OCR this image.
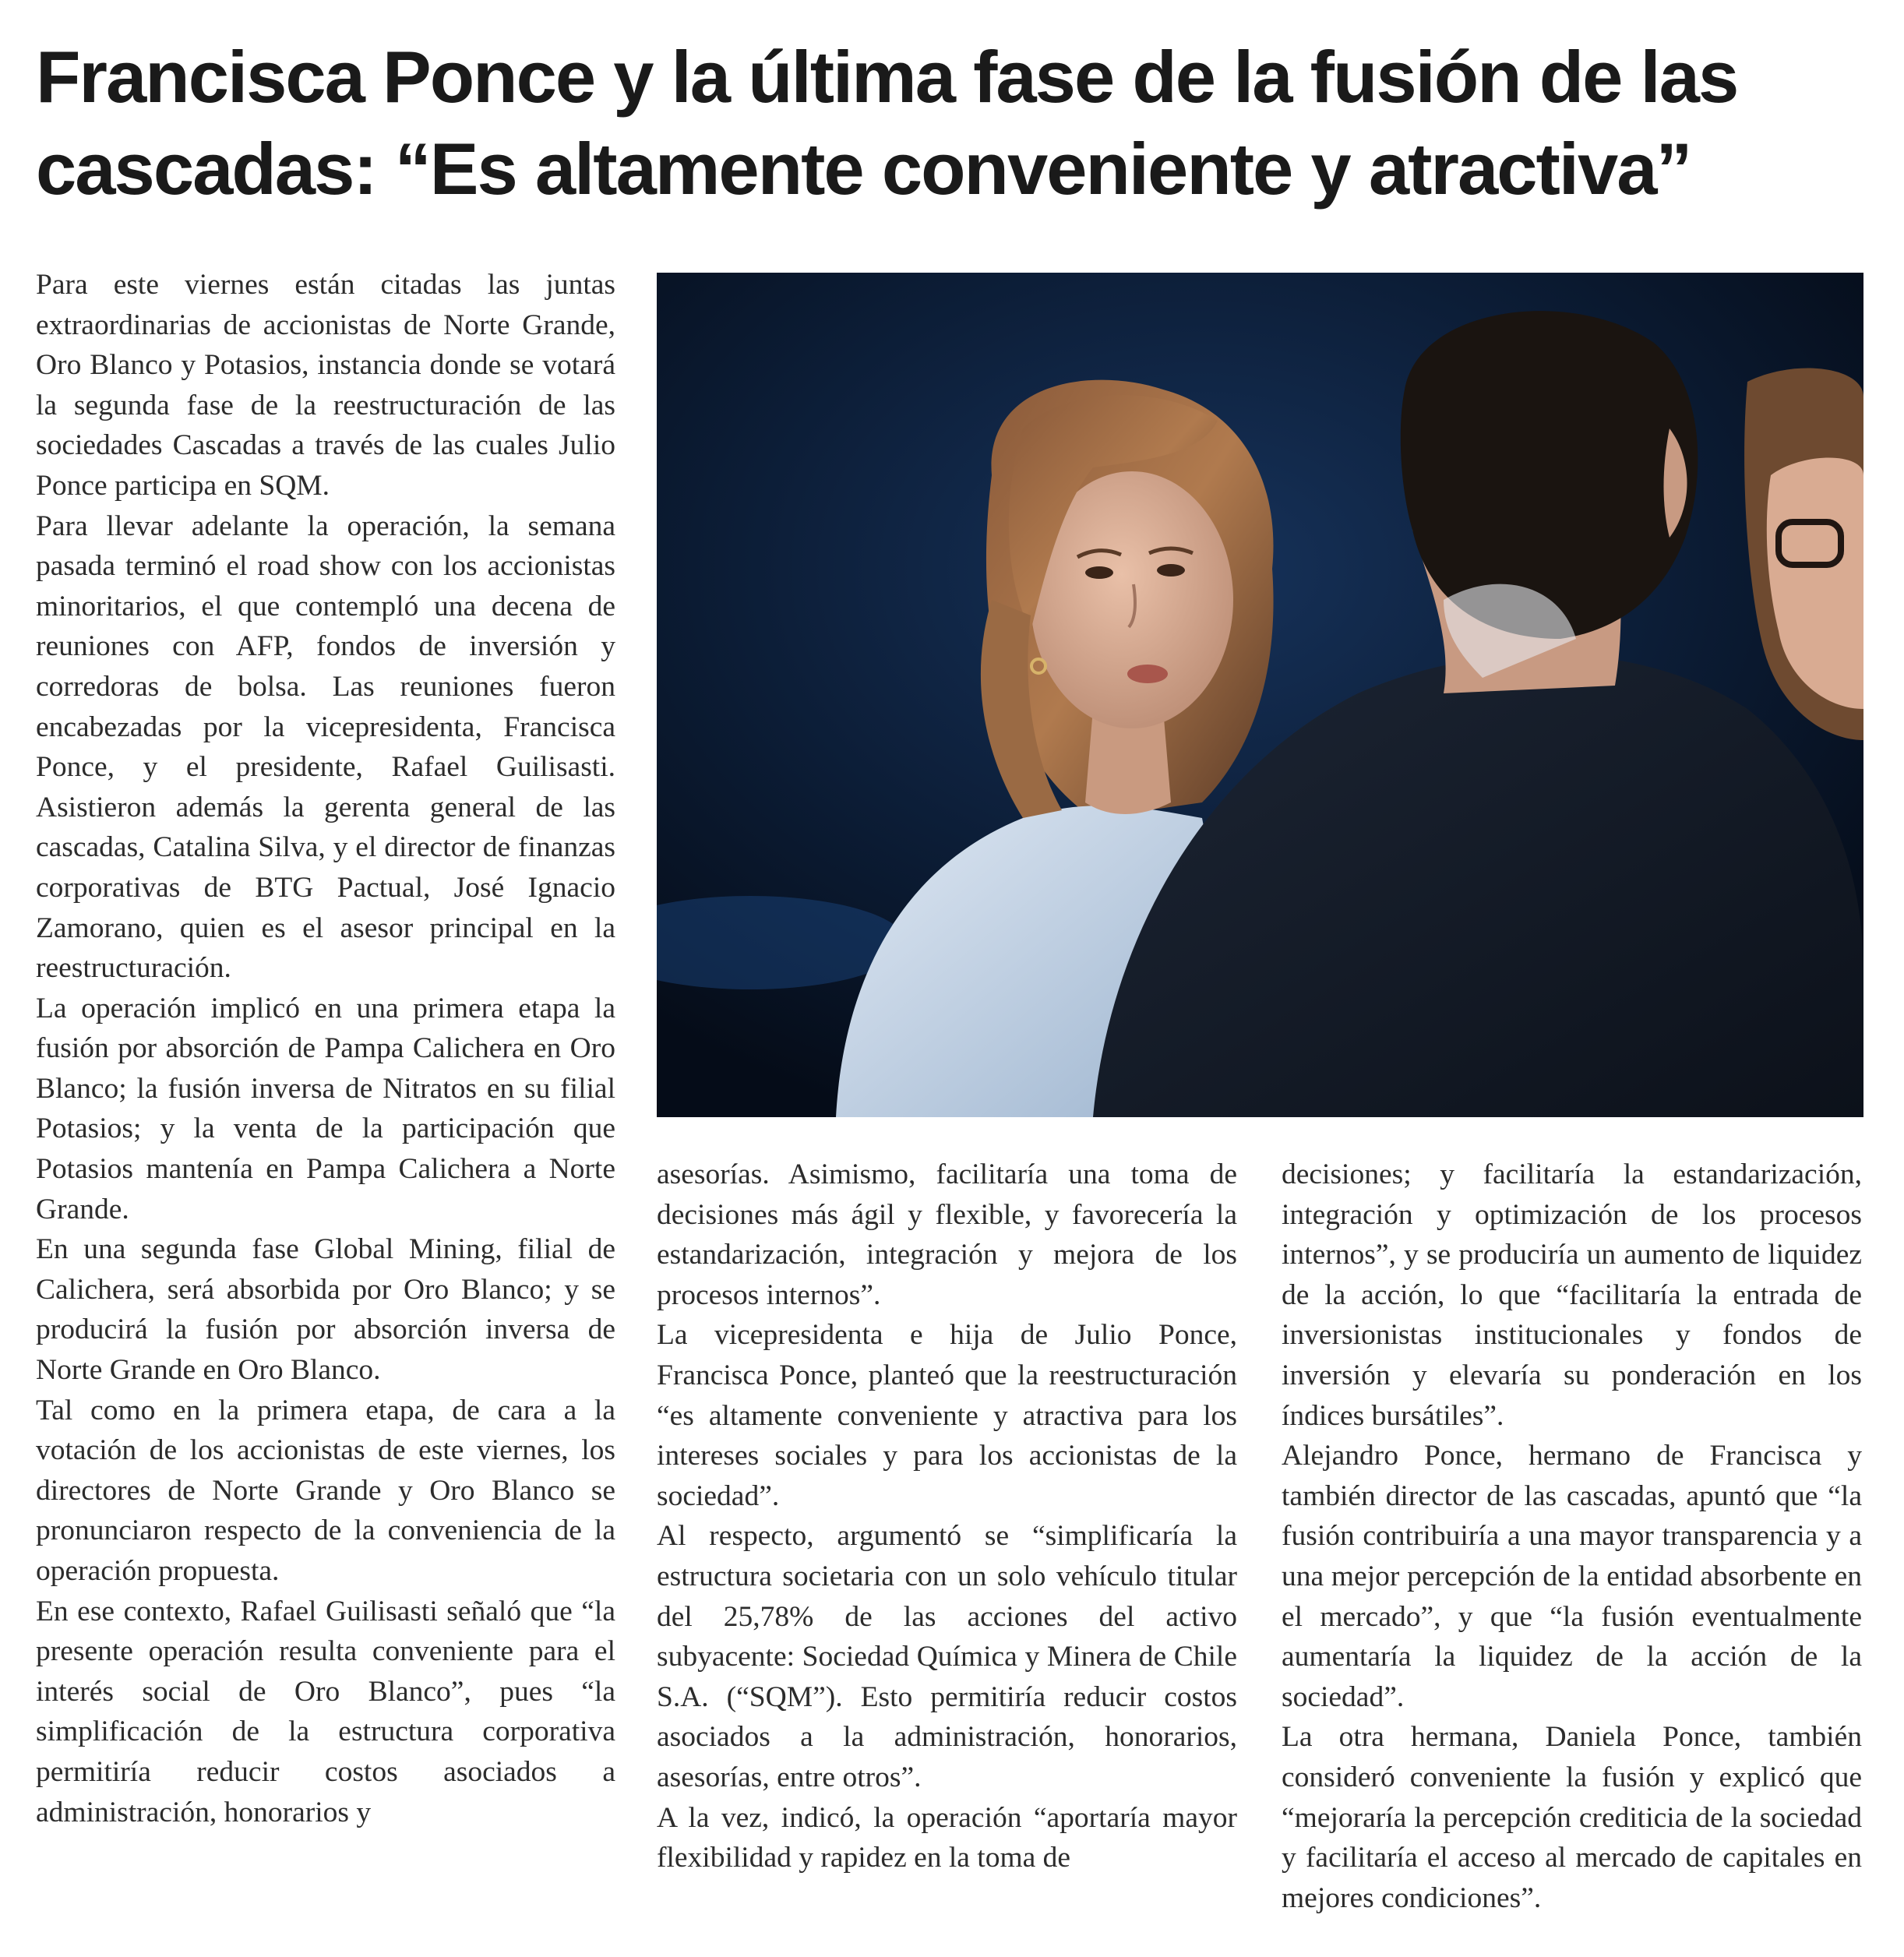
Francisca Ponce y la última fase de la fusión de las cascadas: “Es altamente conveniente y atractiva”

Para este viernes están citadas las juntas extraordinarias de accionistas de Norte Grande, Oro Blanco y Potasios, instancia donde se votará la segunda fase de la reestructuración de las sociedades Cascadas a través de las cuales Julio Ponce participa en SQM.

Para llevar adelante la operación, la semana pasada terminó el road show con los accionistas minoritarios, el que contempló una decena de reuniones con AFP, fondos de inversión y corredoras de bolsa. Las reuniones fueron encabezadas por la vicepresidenta, Francisca Ponce, y el presidente, Rafael Guilisasti. Asistieron además la gerenta general de las cascadas, Catalina Silva, y el director de finanzas corporativas de BTG Pactual, José Ignacio Zamorano, quien es el asesor principal en la reestructuración.

La operación implicó en una primera etapa la fusión por absorción de Pampa Calichera en Oro Blanco; la fusión inversa de Nitratos en su filial Potasios; y la venta de la participación que Potasios mantenía en Pampa Calichera a Norte Grande.

En una segunda fase Global Mining, filial de Calichera, será absorbida por Oro Blanco; y se producirá la fusión por absorción inversa de Norte Grande en Oro Blanco.

Tal como en la primera etapa, de cara a la votación de los accionistas de este viernes, los directores de Norte Grande y Oro Blanco se pronunciaron respecto de la conveniencia de la operación propuesta.

En ese contexto, Rafael Guilisasti señaló que “la presente operación resulta conveniente para el interés social de Oro Blanco”, pues “la simplificación de la estructura corporativa permitiría reducir costos asociados a administración, honorarios y

asesorías. Asimismo, facilitaría una toma de decisiones más ágil y flexible, y favorecería la estandarización, integración y mejora de los procesos internos”.

La vicepresidenta e hija de Julio Ponce, Francisca Ponce, planteó que la reestructuración “es altamente conveniente y atractiva para los intereses sociales y para los accionistas de la sociedad”.

Al respecto, argumentó se “simplificaría la estructura societaria con un solo vehículo titular del 25,78% de las acciones del activo subyacente: Sociedad Química y Minera de Chile S.A. (“SQM”). Esto permitiría reducir costos asociados a la administración, honorarios, asesorías, entre otros”.

A la vez, indicó, la operación “aportaría mayor flexibilidad y rapidez en la toma de

decisiones; y facilitaría la estandarización, integración y optimización de los procesos internos”, y se produciría un aumento de liquidez de la acción, lo que “facilitaría la entrada de inversionistas institucionales y fondos de inversión y elevaría su ponderación en los índices bursátiles”.

Alejandro Ponce, hermano de Francisca y también director de las cascadas, apuntó que “la fusión contribuiría a una mayor transparencia y a una mejor percepción de la entidad absorbente en el mercado”, y que “la fusión eventualmente aumentaría la liquidez de la acción de la sociedad”.

La otra hermana, Daniela Ponce, también consideró conveniente la fusión y explicó que “mejoraría la percepción crediticia de la sociedad y facilitaría el acceso al mercado de capitales en mejores condiciones”.
